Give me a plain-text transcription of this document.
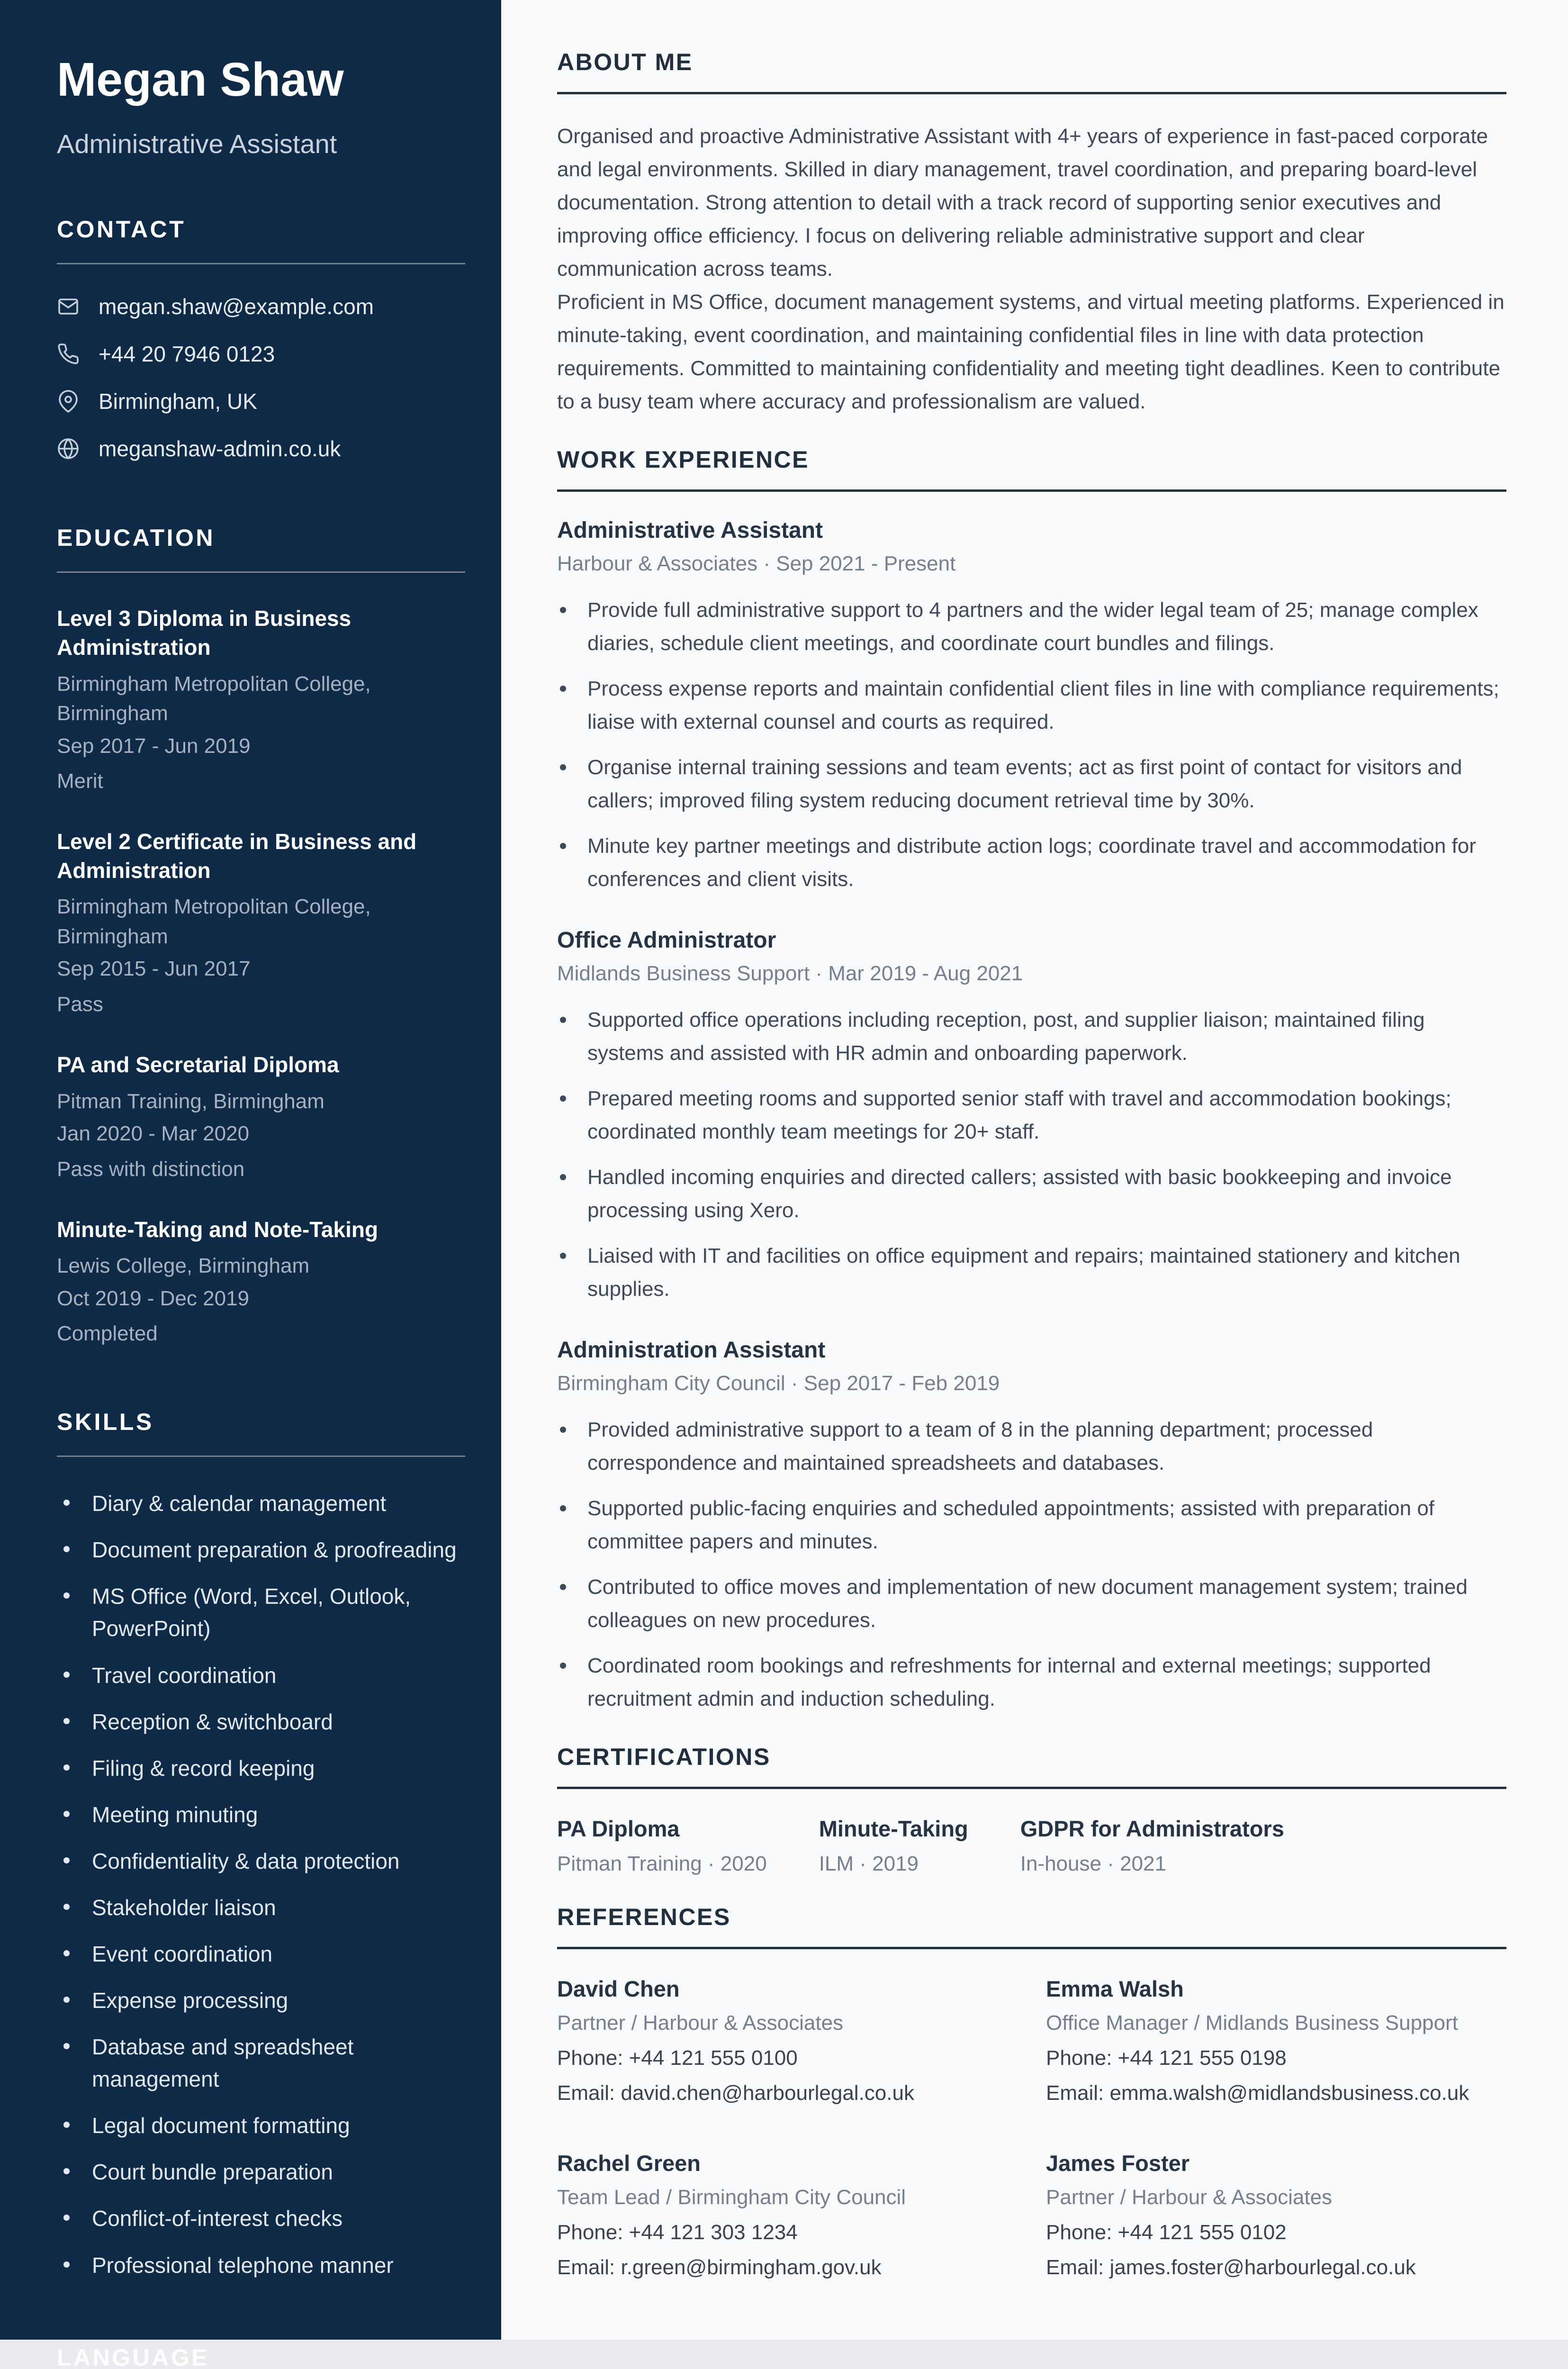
Megan Shaw
Administrative Assistant
CONTACT
megan.shaw@example.com
+44 20 7946 0123
Birmingham, UK
meganshaw-admin.co.uk
EDUCATION
Level 3 Diploma in Business Administration
Birmingham Metropolitan College, Birmingham
Sep 2017 - Jun 2019
Merit
Level 2 Certificate in Business and Administration
Birmingham Metropolitan College, Birmingham
Sep 2015 - Jun 2017
Pass
PA and Secretarial Diploma
Pitman Training, Birmingham
Jan 2020 - Mar 2020
Pass with distinction
Minute-Taking and Note-Taking
Lewis College, Birmingham
Oct 2019 - Dec 2019
Completed
SKILLS
Diary & calendar management
Document preparation & proofreading
MS Office (Word, Excel, Outlook, PowerPoint)
Travel coordination
Reception & switchboard
Filing & record keeping
Meeting minuting
Confidentiality & data protection
Stakeholder liaison
Event coordination
Expense processing
Database and spreadsheet management
Legal document formatting
Court bundle preparation
Conflict-of-interest checks
Professional telephone manner
LANGUAGE
ABOUT ME

Organised and proactive Administrative Assistant with 4+ years of experience in fast-paced corporate and legal environments. Skilled in diary management, travel coordination, and preparing board-level documentation. Strong attention to detail with a track record of supporting senior executives and improving office efficiency. I focus on delivering reliable administrative support and clear communication across teams.

Proficient in MS Office, document management systems, and virtual meeting platforms. Experienced in minute-taking, event coordination, and maintaining confidential files in line with data protection requirements. Committed to maintaining confidentiality and meeting tight deadlines. Keen to contribute to a busy team where accuracy and professionalism are valued.

WORK EXPERIENCE
Administrative Assistant
Harbour & Associates · Sep 2021 - Present
Provide full administrative support to 4 partners and the wider legal team of 25; manage complex diaries, schedule client meetings, and coordinate court bundles and filings.
Process expense reports and maintain confidential client files in line with compliance requirements; liaise with external counsel and courts as required.
Organise internal training sessions and team events; act as first point of contact for visitors and callers; improved filing system reducing document retrieval time by 30%.
Minute key partner meetings and distribute action logs; coordinate travel and accommodation for conferences and client visits.
Office Administrator
Midlands Business Support · Mar 2019 - Aug 2021
Supported office operations including reception, post, and supplier liaison; maintained filing systems and assisted with HR admin and onboarding paperwork.
Prepared meeting rooms and supported senior staff with travel and accommodation bookings; coordinated monthly team meetings for 20+ staff.
Handled incoming enquiries and directed callers; assisted with basic bookkeeping and invoice processing using Xero.
Liaised with IT and facilities on office equipment and repairs; maintained stationery and kitchen supplies.
Administration Assistant
Birmingham City Council · Sep 2017 - Feb 2019
Provided administrative support to a team of 8 in the planning department; processed correspondence and maintained spreadsheets and databases.
Supported public-facing enquiries and scheduled appointments; assisted with preparation of committee papers and minutes.
Contributed to office moves and implementation of new document management system; trained colleagues on new procedures.
Coordinated room bookings and refreshments for internal and external meetings; supported recruitment admin and induction scheduling.
CERTIFICATIONS
PA Diploma
Pitman Training · 2020
Minute-Taking
ILM · 2019
GDPR for Administrators
In-house · 2021
REFERENCES
David Chen
Partner / Harbour & Associates
Phone: +44 121 555 0100
Email: david.chen@harbourlegal.co.uk
Emma Walsh
Office Manager / Midlands Business Support
Phone: +44 121 555 0198
Email: emma.walsh@midlandsbusiness.co.uk
Rachel Green
Team Lead / Birmingham City Council
Phone: +44 121 303 1234
Email: r.green@birmingham.gov.uk
James Foster
Partner / Harbour & Associates
Phone: +44 121 555 0102
Email: james.foster@harbourlegal.co.uk
